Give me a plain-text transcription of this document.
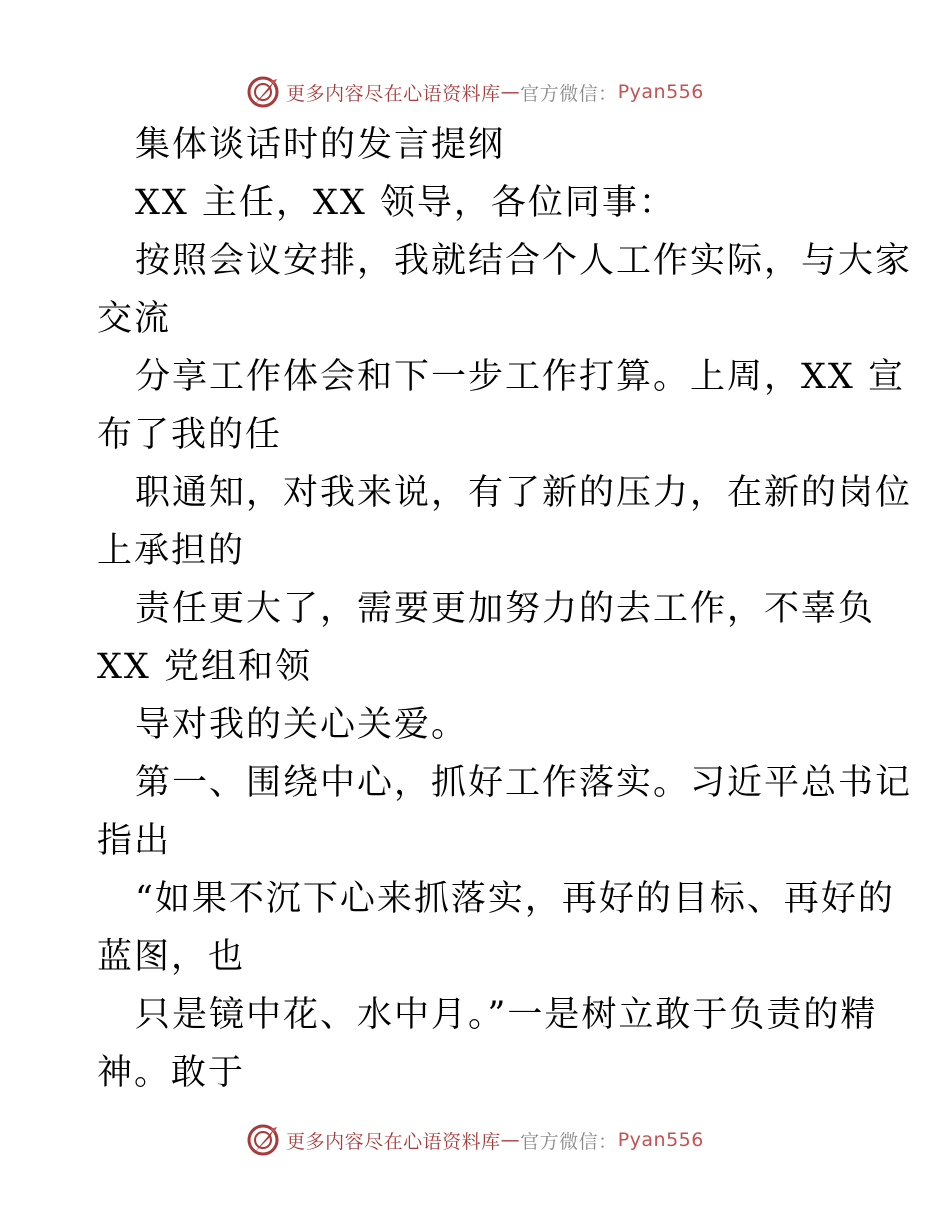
更多内容尽在心语资料库 — 官方微信： Pyan556
集体谈话时的发言提纲
XX 主任，XX 领导，各位同事：
按照会议安排，我就结合个人工作实际，与大家
交流
分享工作体会和下一步工作打算。上周，XX 宣
布了我的任
职通知，对我来说，有了新的压力，在新的岗位
上承担的
责任更大了，需要更加努力的去工作，不辜负
XX 党组和领
导对我的关心关爱。
第一、围绕中心，抓好工作落实。习近平总书记
指出
“如果不沉下心来抓落实，再好的目标、再好的
蓝图，也
只是镜中花、水中月。”一是树立敢于负责的精
神。敢于
更多内容尽在心语资料库 — 官方微信： Pyan556
